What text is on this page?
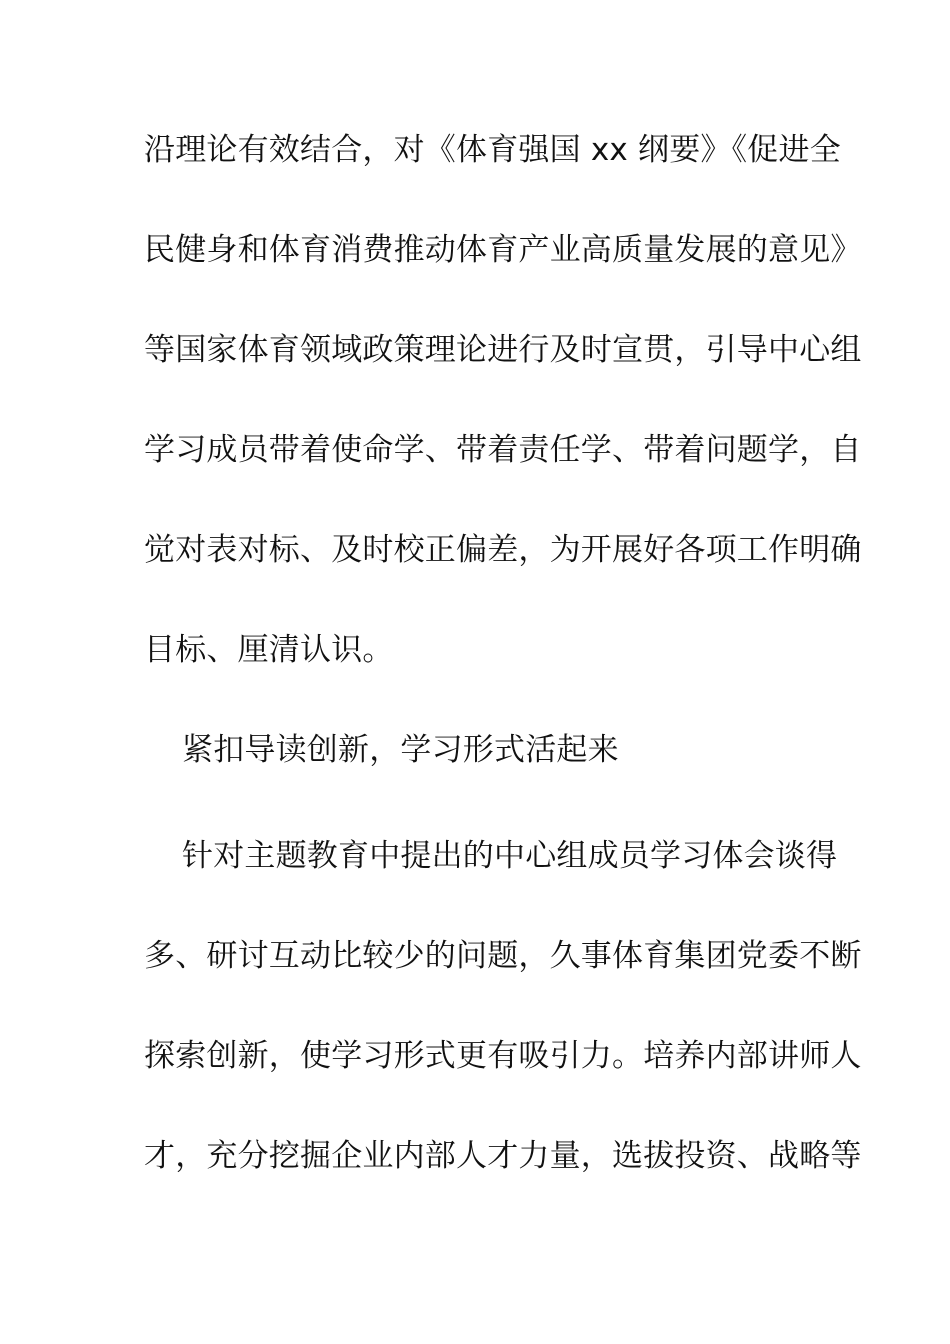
沿理论有效结合，对《体育强国 xx 纲要》《促进全
民健身和体育消费推动体育产业高质量发展的意见》
等国家体育领域政策理论进行及时宣贯，引导中心组
学习成员带着使命学、带着责任学、带着问题学，自
觉对表对标、及时校正偏差，为开展好各项工作明确
目标、厘清认识。
紧扣导读创新，学习形式活起来
针对主题教育中提出的中心组成员学习体会谈得
多、研讨互动比较少的问题，久事体育集团党委不断
探索创新，使学习形式更有吸引力。培养内部讲师人
才，充分挖掘企业内部人才力量，选拔投资、战略等
